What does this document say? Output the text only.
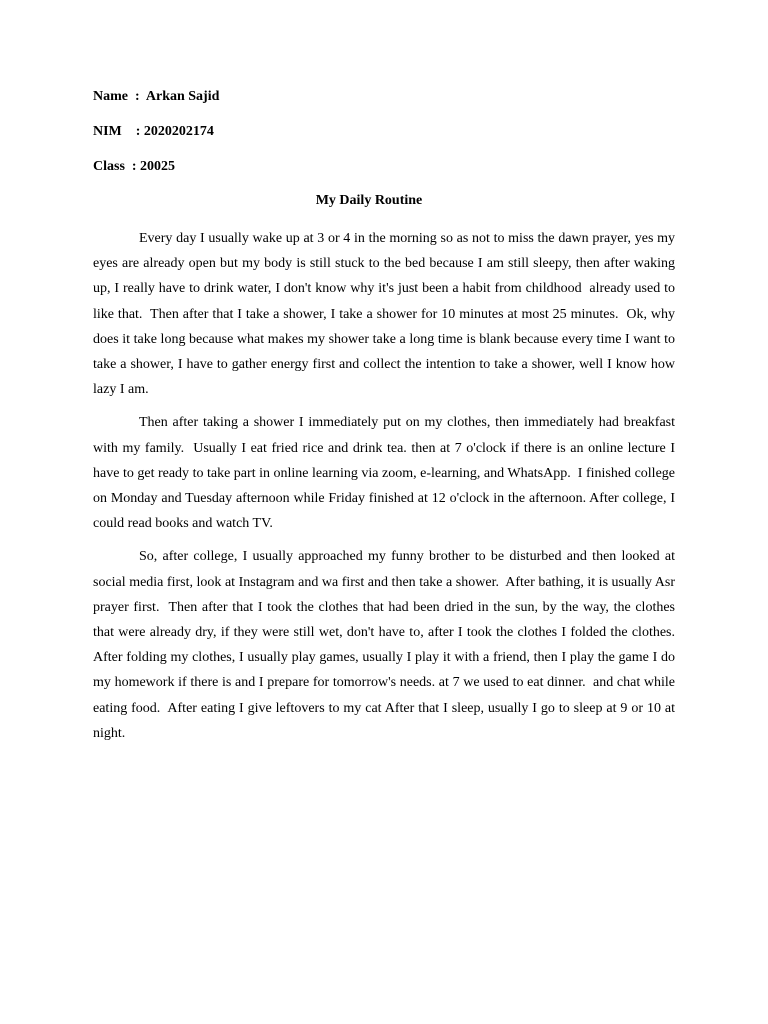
Name  :  Arkan Sajid
NIM    : 2020202174
Class  : 20025
My Daily Routine

Every day I usually wake up at 3 or 4 in the morning so as not to miss the dawn prayer, yes my eyes are already open but my body is still stuck to the bed because I am still sleepy, then after waking up, I really have to drink water, I don't know why it's just been a habit from childhood  already used to like that.  Then after that I take a shower, I take a shower for 10 minutes at most 25 minutes.  Ok, why does it take long because what makes my shower take a long time is blank because every time I want to take a shower, I have to gather energy first and collect the intention to take a shower, well I know how lazy I am.

Then after taking a shower I immediately put on my clothes, then immediately had breakfast with my family.  Usually I eat fried rice and drink tea. then at 7 o'clock if there is an online lecture I have to get ready to take part in online learning via zoom, e-learning, and WhatsApp.  I finished college on Monday and Tuesday afternoon while Friday finished at 12 o'clock in the afternoon. After college, I could read books and watch TV.

So, after college, I usually approached my funny brother to be disturbed and then looked at social media first, look at Instagram and wa first and then take a shower.  After bathing, it is usually Asr prayer first.  Then after that I took the clothes that had been dried in the sun, by the way, the clothes that were already dry, if they were still wet, don't have to, after I took the clothes I folded the clothes.  After folding my clothes, I usually play games, usually I play it with a friend, then I play the game I do my homework if there is and I prepare for tomorrow's needs. at 7 we used to eat dinner.  and chat while eating food.  After eating I give leftovers to my cat After that I sleep, usually I go to sleep at 9 or 10 at night.
